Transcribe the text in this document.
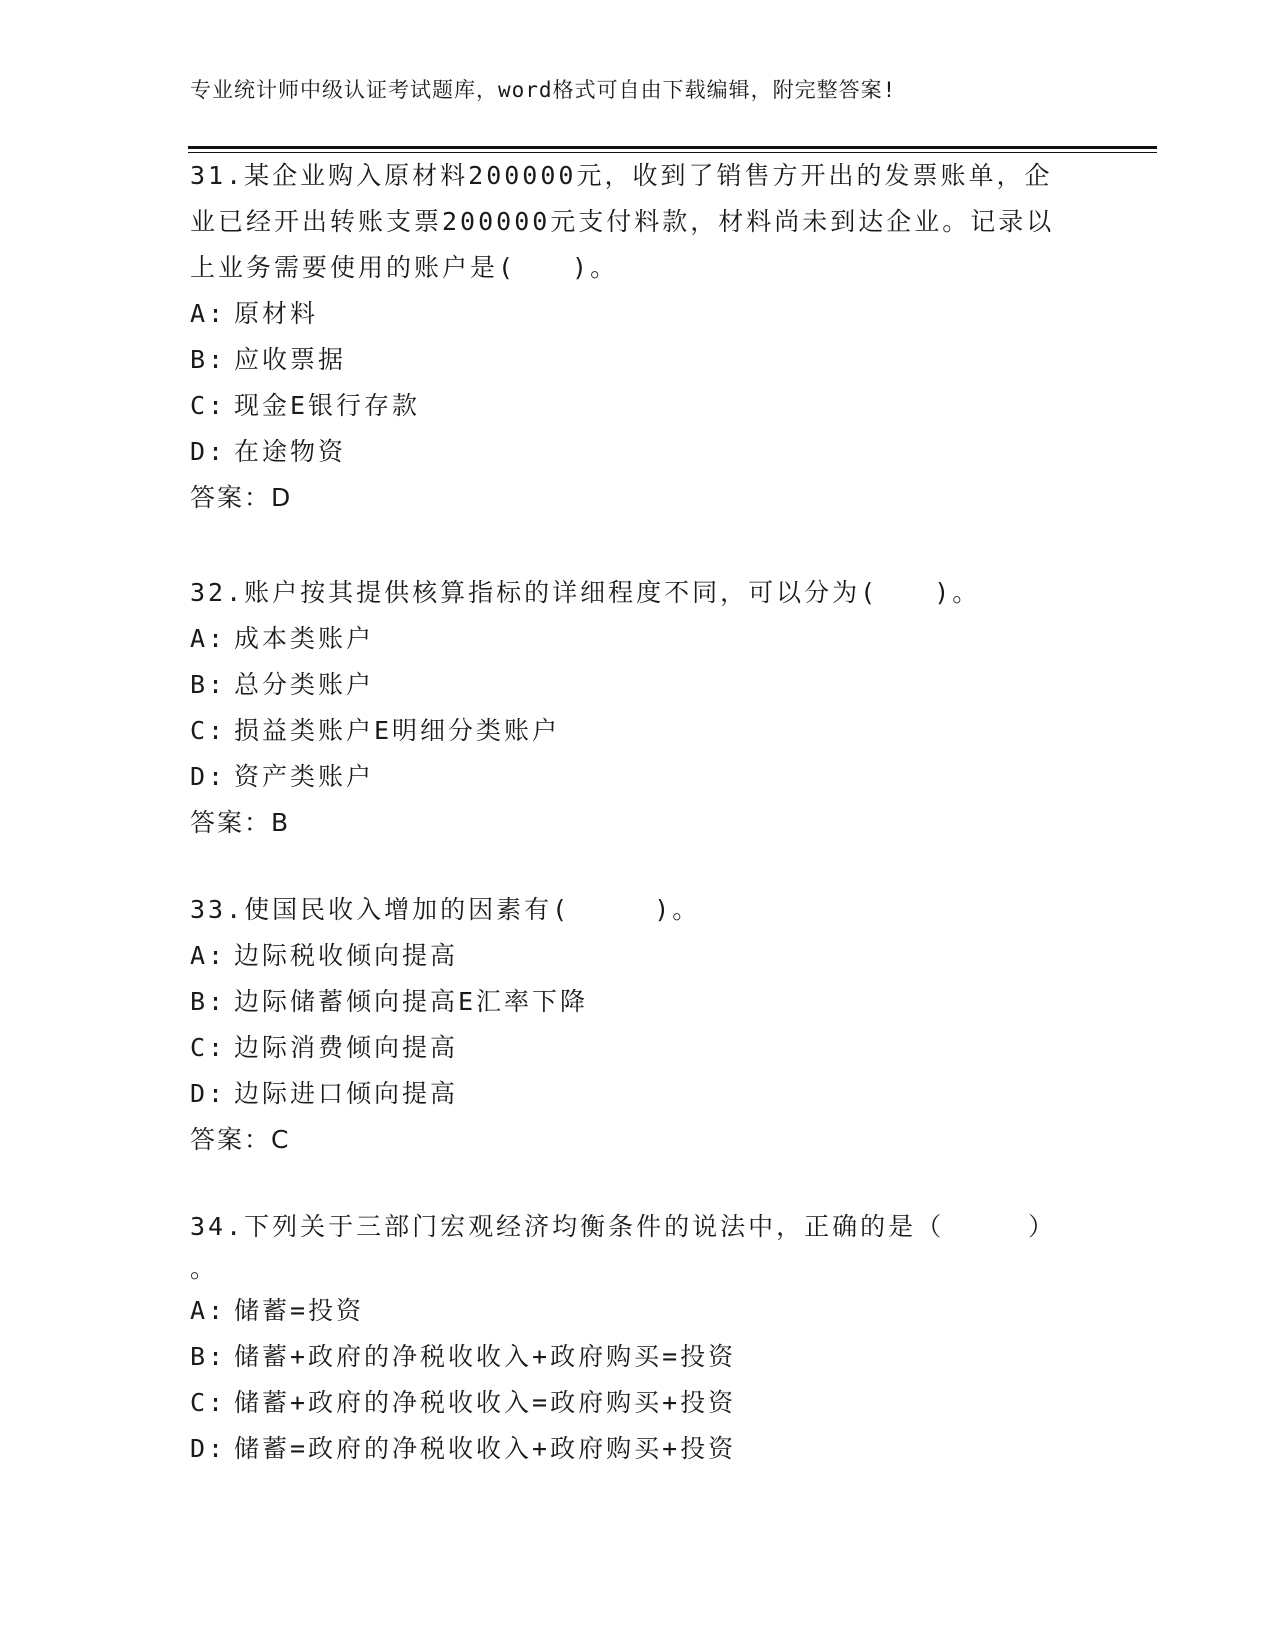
专业统计师中级认证考试题库，word格式可自由下载编辑，附完整答案!
31.某企业购入原材料200000元，收到了销售方开出的发票账单，企
业已经开出转账支票200000元支付料款，材料尚未到达企业。记录以
上业务需要使用的账户是(　　)。
A: 原材料
B: 应收票据
C: 现金E银行存款
D: 在途物资
答案：D
32.账户按其提供核算指标的详细程度不同，可以分为(　　)。
A: 成本类账户
B: 总分类账户
C: 损益类账户E明细分类账户
D: 资产类账户
答案：B
33.使国民收入增加的因素有(　　　)。
A: 边际税收倾向提高
B: 边际储蓄倾向提高E汇率下降
C: 边际消费倾向提高
D: 边际进口倾向提高
答案：C
34.下列关于三部门宏观经济均衡条件的说法中，正确的是（　　　）
。
A: 储蓄=投资
B: 储蓄+政府的净税收收入+政府购买=投资
C: 储蓄+政府的净税收收入=政府购买+投资
D: 储蓄=政府的净税收收入+政府购买+投资
